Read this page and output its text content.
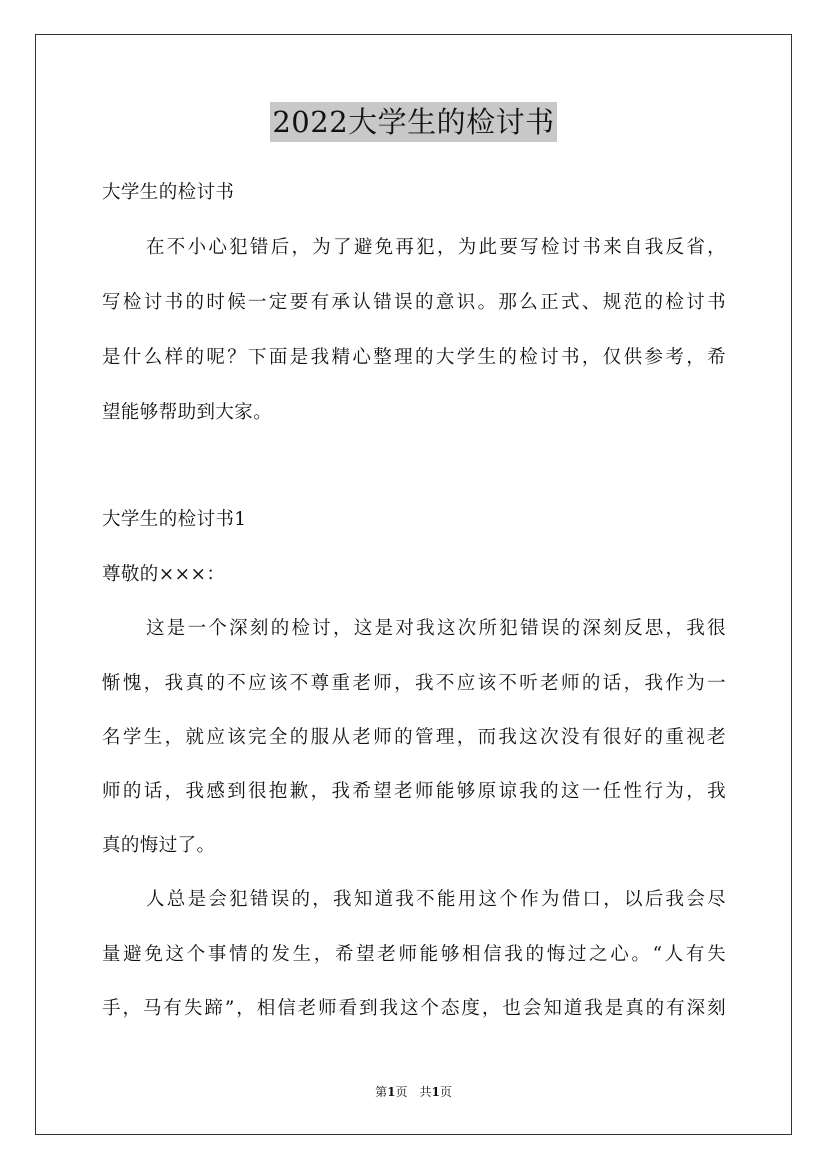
2022大学生的检讨书
大学生的检讨书
在不小心犯错后，为了避免再犯，为此要写检讨书来自我反省，
写检讨书的时候一定要有承认错误的意识。那么正式、规范的检讨书
是什么样的呢？下面是我精心整理的大学生的检讨书，仅供参考，希
望能够帮助到大家。
大学生的检讨书1
尊敬的×××：
这是一个深刻的检讨，这是对我这次所犯错误的深刻反思，我很
惭愧，我真的不应该不尊重老师，我不应该不听老师的话，我作为一
名学生，就应该完全的服从老师的管理，而我这次没有很好的重视老
师的话，我感到很抱歉，我希望老师能够原谅我的这一任性行为，我
真的悔过了。
人总是会犯错误的，我知道我不能用这个作为借口，以后我会尽
量避免这个事情的发生，希望老师能够相信我的悔过之心。“人有失
手，马有失蹄”，相信老师看到我这个态度，也会知道我是真的有深刻
第1页　共1页
